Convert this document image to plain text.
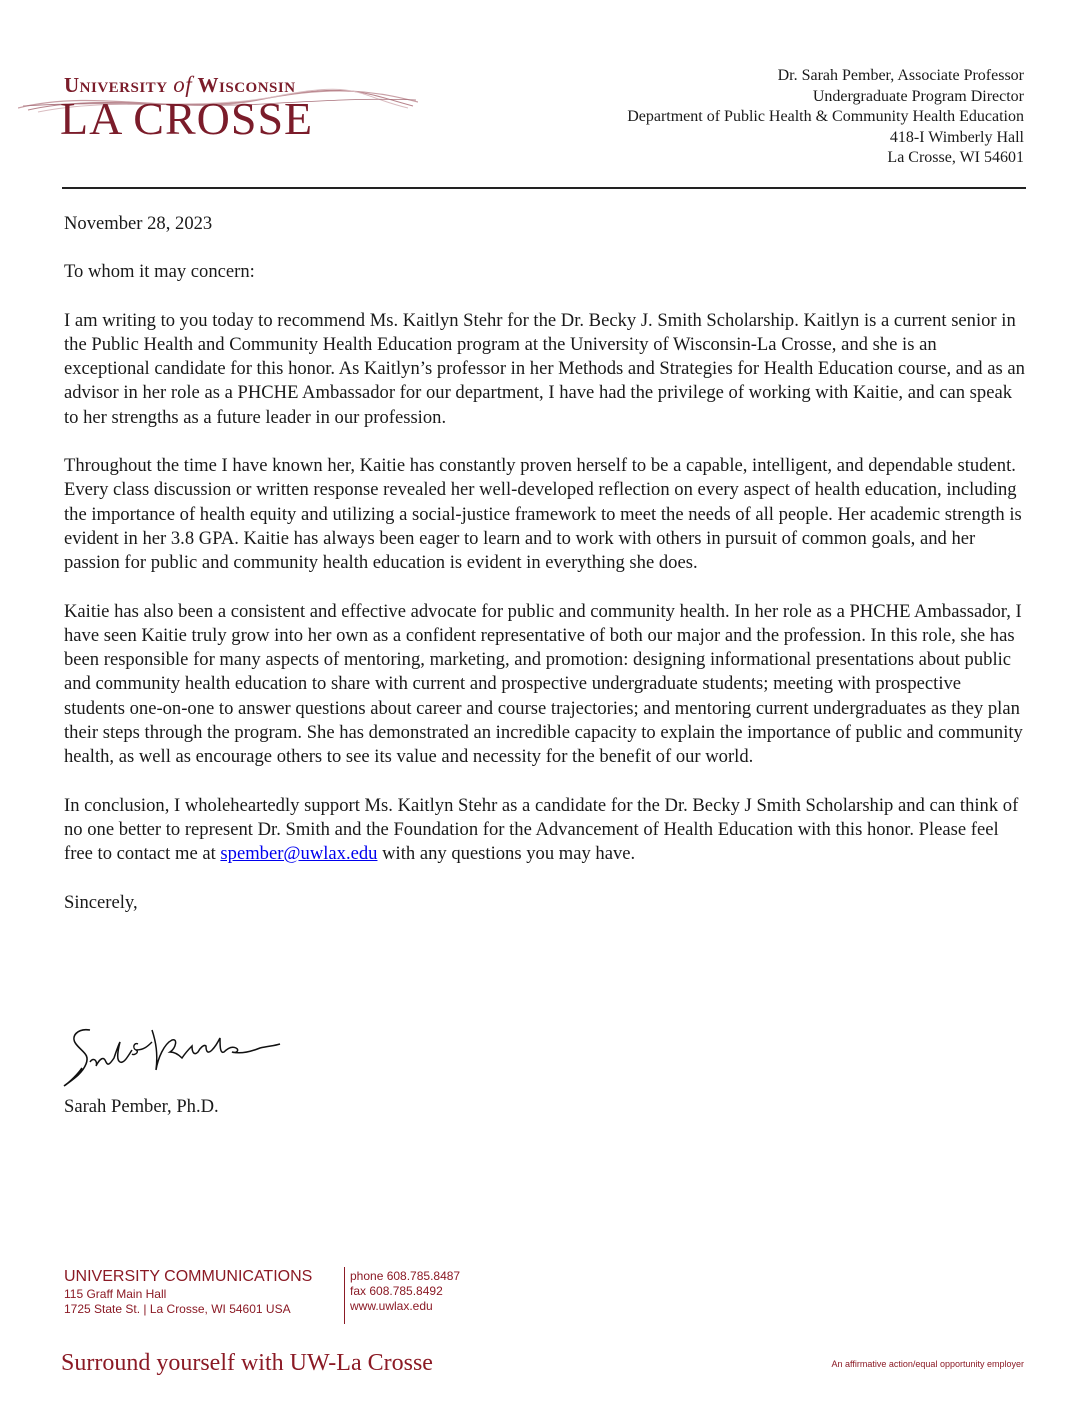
University of Wisconsin
LA CROSSE
Dr. Sarah Pember, Associate Professor
Undergraduate Program Director
Department of Public Health & Community Health Education
418-I Wimberly Hall
La Crosse, WI 54601

November 28, 2023

To whom it may concern:

I am writing to you today to recommend Ms. Kaitlyn Stehr for the Dr. Becky J. Smith Scholarship. Kaitlyn is a current senior in the Public Health and Community Health Education program at the University of Wisconsin-La Crosse, and she is an exceptional candidate for this honor. As Kaitlyn’s professor in her Methods and Strategies for Health Education course, and as an advisor in her role as a PHCHE Ambassador for our department, I have had the privilege of working with Kaitie, and can speak to her strengths as a future leader in our profession.

Throughout the time I have known her, Kaitie has constantly proven herself to be a capable, intelligent, and dependable student. Every class discussion or written response revealed her well-developed reflection on every aspect of health education, including the importance of health equity and utilizing a social-justice framework to meet the needs of all people. Her academic strength is evident in her 3.8 GPA. Kaitie has always been eager to learn and to work with others in pursuit of common goals, and her passion for public and community health education is evident in everything she does.

Kaitie has also been a consistent and effective advocate for public and community health. In her role as a PHCHE Ambassador, I have seen Kaitie truly grow into her own as a confident representative of both our major and the profession. In this role, she has been responsible for many aspects of mentoring, marketing, and promotion: designing informational presentations about public and community health education to share with current and prospective undergraduate students; meeting with prospective students one-on-one to answer questions about career and course trajectories; and mentoring current undergraduates as they plan their steps through the program. She has demonstrated an incredible capacity to explain the importance of public and community health, as well as encourage others to see its value and necessity for the benefit of our world.

In conclusion, I wholeheartedly support Ms. Kaitlyn Stehr as a candidate for the Dr. Becky J Smith Scholarship and can think of no one better to represent Dr. Smith and the Foundation for the Advancement of Health Education with this honor. Please feel free to contact me at spember@uwlax.edu with any questions you may have.

Sincerely,

Sarah Pember, Ph.D.
UNIVERSITY COMMUNICATIONS
115 Graff Main Hall
1725 State St. | La Crosse, WI 54601 USA
phone 608.785.8487
fax 608.785.8492
www.uwlax.edu
Surround yourself with UW-La Crosse	An affirmative action/equal opportunity employer
